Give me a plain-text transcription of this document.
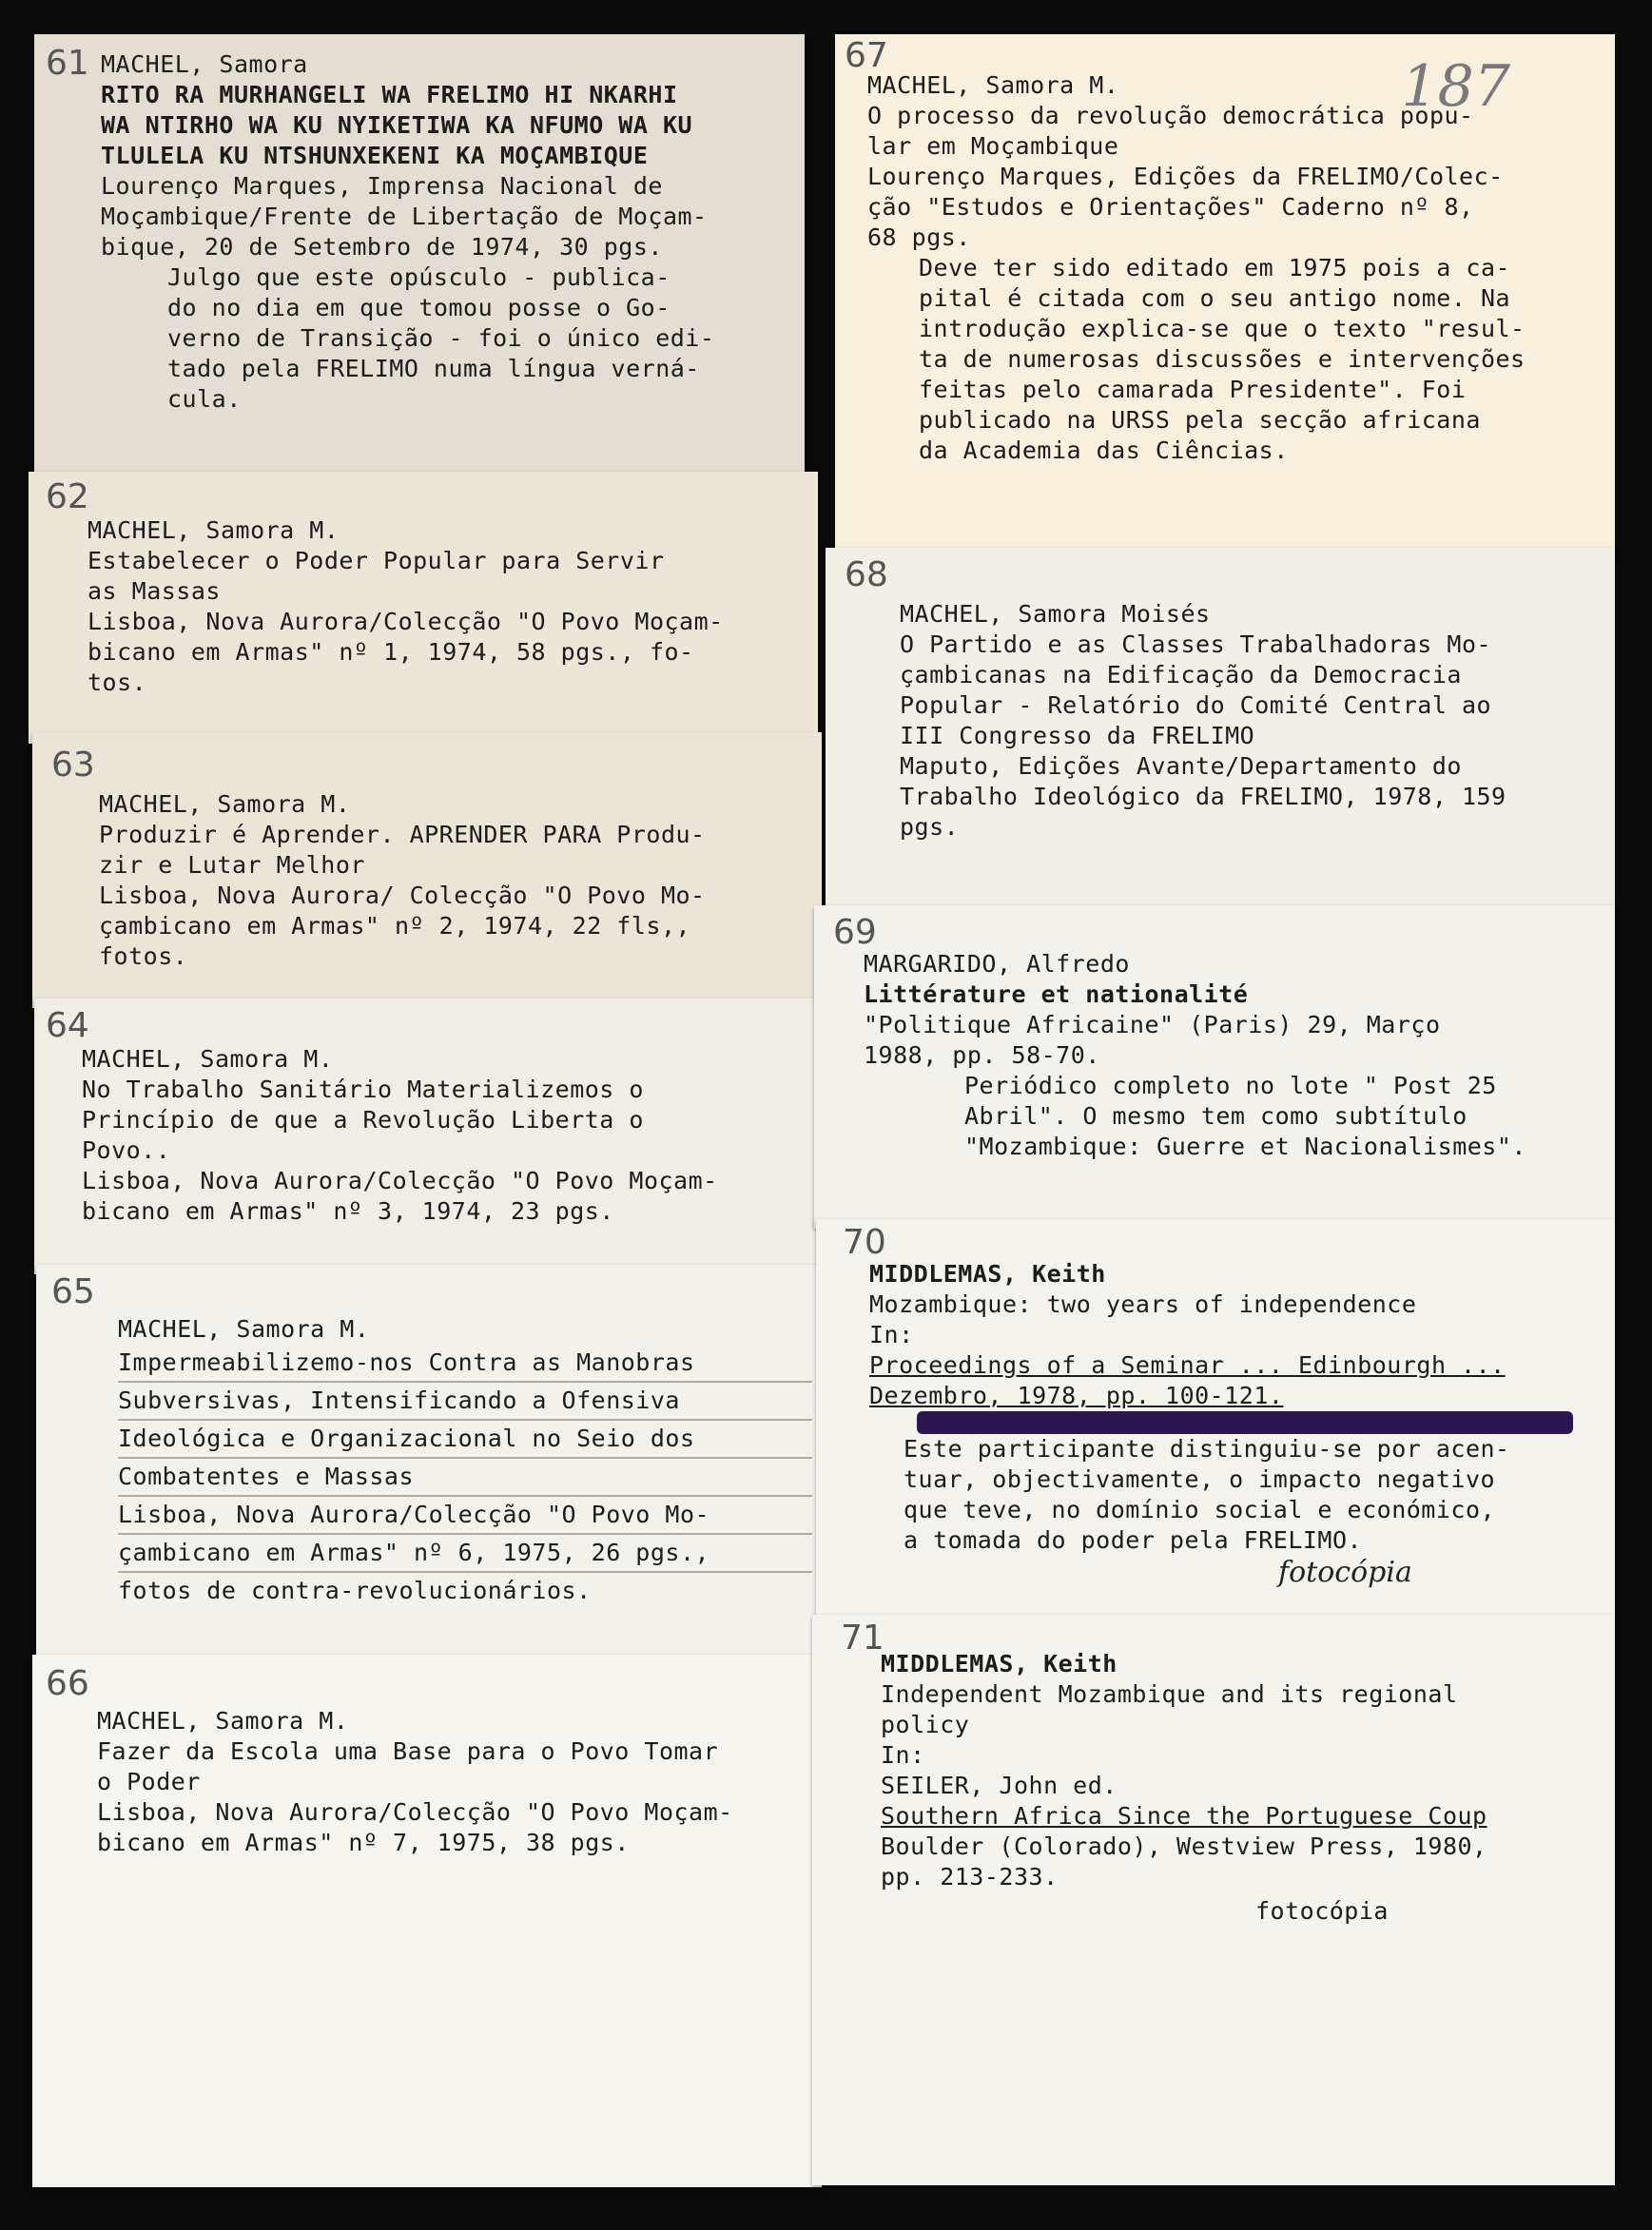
61 MACHEL, Samora
RITO RA MURHANGELI WA FRELIMO HI NKARHI
WA NTIRHO WA KU NYIKETIWA KA NFUMO WA KU
TLULELA KU NTSHUNXEKENI KA MOÇAMBIQUE
Lourenço Marques, Imprensa Nacional de
Moçambique/Frente de Libertação de Moçam-
bique, 20 de Setembro de 1974, 30 pgs.
Julgo que este opúsculo - publica-
do no dia em que tomou posse o Go-
verno de Transição - foi o único edi-
tado pela FRELIMO numa língua verná-
cula.
62
MACHEL, Samora M.
Estabelecer o Poder Popular para Servir
as Massas
Lisboa, Nova Aurora/Colecção "O Povo Moçam-
bicano em Armas" nº 1, 1974, 58 pgs., fo-
tos.
63
MACHEL, Samora M.
Produzir é Aprender. APRENDER PARA Produ-
zir e Lutar Melhor
Lisboa, Nova Aurora/ Colecção "O Povo Mo-
çambicano em Armas" nº 2, 1974, 22 fls,,
fotos.
64
MACHEL, Samora M.
No Trabalho Sanitário Materializemos o
Princípio de que a Revolução Liberta o
Povo..
Lisboa, Nova Aurora/Colecção "O Povo Moçam-
bicano em Armas" nº 3, 1974, 23 pgs.
65
MACHEL, Samora M.
Impermeabilizemo-nos Contra as Manobras
Subversivas, Intensificando a Ofensiva
Ideológica e Organizacional no Seio dos
Combatentes e Massas
Lisboa, Nova Aurora/Colecção "O Povo Mo-
çambicano em Armas" nº 6, 1975, 26 pgs.,
fotos de contra-revolucionários.
66
MACHEL, Samora M.
Fazer da Escola uma Base para o Povo Tomar
o Poder
Lisboa, Nova Aurora/Colecção "O Povo Moçam-
bicano em Armas" nº 7, 1975, 38 pgs.
67	187
MACHEL, Samora M.
O processo da revolução democrática popu-
lar em Moçambique
Lourenço Marques, Edições da FRELIMO/Colec-
ção "Estudos e Orientações" Caderno nº 8,
68 pgs.
Deve ter sido editado em 1975 pois a ca-
pital é citada com o seu antigo nome. Na
introdução explica-se que o texto "resul-
ta de numerosas discussões e intervenções
feitas pelo camarada Presidente". Foi
publicado na URSS pela secção africana
da Academia das Ciências.
68
MACHEL, Samora Moisés
O Partido e as Classes Trabalhadoras Mo-
çambicanas na Edificação da Democracia
Popular - Relatório do Comité Central ao
III Congresso da FRELIMO
Maputo, Edições Avante/Departamento do
Trabalho Ideológico da FRELIMO, 1978, 159
pgs.
69
MARGARIDO, Alfredo
Littérature et nationalité
"Politique Africaine" (Paris) 29, Março
1988, pp. 58-70.
Periódico completo no lote " Post 25
Abril". O mesmo tem como subtítulo
"Mozambique: Guerre et Nacionalismes".
70
MIDDLEMAS, Keith
Mozambique: two years of independence
In:
Proceedings of a Seminar ... Edinbourgh ...
Dezembro, 1978, pp. 100-121.
Este participante distinguiu-se por acen-
tuar, objectivamente, o impacto negativo
que teve, no domínio social e económico,
a tomada do poder pela FRELIMO.
fotocópia
71
MIDDLEMAS, Keith
Independent Mozambique and its regional
policy
In:
SEILER, John ed.
Southern Africa Since the Portuguese Coup
Boulder (Colorado), Westview Press, 1980,
pp. 213-233.
fotocópia
